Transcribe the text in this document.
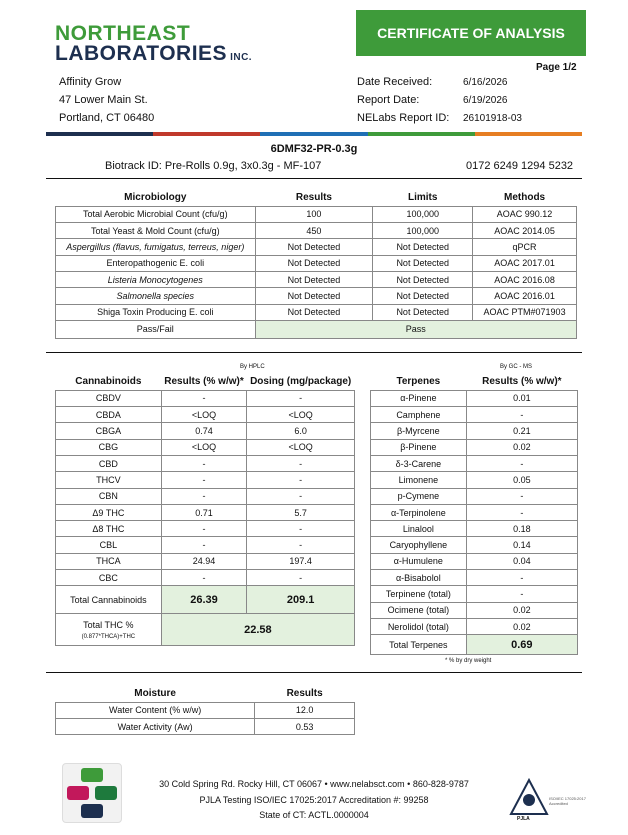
NORTHEAST
LABORATORIES INC.
CERTIFICATE OF ANALYSIS
Page 1/2
Affinity Grow
47 Lower Main St.
Portland, CT 06480
Date Received:	6/16/2026
Report Date:	6/19/2026
NELabs Report ID: 26101918-03
6DMF32-PR-0.3g
Biotrack ID: Pre-Rolls 0.9g, 3x0.3g - MF-107	0172 6249 1294 5232
Microbiology	Results	Limits	Methods
Total Aerobic Microbial Count (cfu/g)	100	100,000	AOAC 990.12
Total Yeast & Mold Count (cfu/g)	450	100,000	AOAC 2014.05
Aspergillus (flavus, fumigatus, terreus, niger)	Not Detected	Not Detected	qPCR
Enteropathogenic E. coli	Not Detected	Not Detected	AOAC 2017.01
Listeria Monocytogenes	Not Detected	Not Detected	AOAC 2016.08
Salmonella species	Not Detected	Not Detected	AOAC 2016.01
Shiga Toxin Producing E. coli	Not Detected	Not Detected	AOAC PTM#071903
Pass/Fail	Pass		
By HPLC
Cannabinoids	Results (% w/w)*	Dosing (mg/package)
CBDV	-	-
CBDA	<LOQ	<LOQ
CBGA	0.74	6.0
CBG	<LOQ	<LOQ
CBD	-	-
THCV	-	-
CBN	-	-
Δ9 THC	0.71	5.7
Δ8 THC	-	-
CBL	-	-
THCA	24.94	197.4
CBC	-	-
Total Cannabinoids	26.39	209.1
Total THC % (0.877*THCA)+THC	22.58	
By GC - MS
Terpenes	Results (% w/w)*
α-Pinene	0.01
Camphene	-
β-Myrcene	0.21
β-Pinene	0.02
δ-3-Carene	-
Limonene	0.05
p-Cymene	-
α-Terpinolene	-
Linalool	0.18
Caryophyllene	0.14
α-Humulene	0.04
α-Bisabolol	-
Terpinene (total)	-
Ocimene (total)	0.02
Nerolidol (total)	0.02
Total Terpenes	0.69
* % by dry weight
Moisture	Results
Water Content (% w/w)	12.0
Water Activity (Aw)	0.53
30 Cold Spring Rd. Rocky Hill, CT 06067 • www.nelabsct.com • 860-828-9787
PJLA Testing ISO/IEC 17025:2017 Accreditation #: 99258
State of CT: ACTL.0000004	PJLA
ISO/IEC 17025:2017 Accredited
